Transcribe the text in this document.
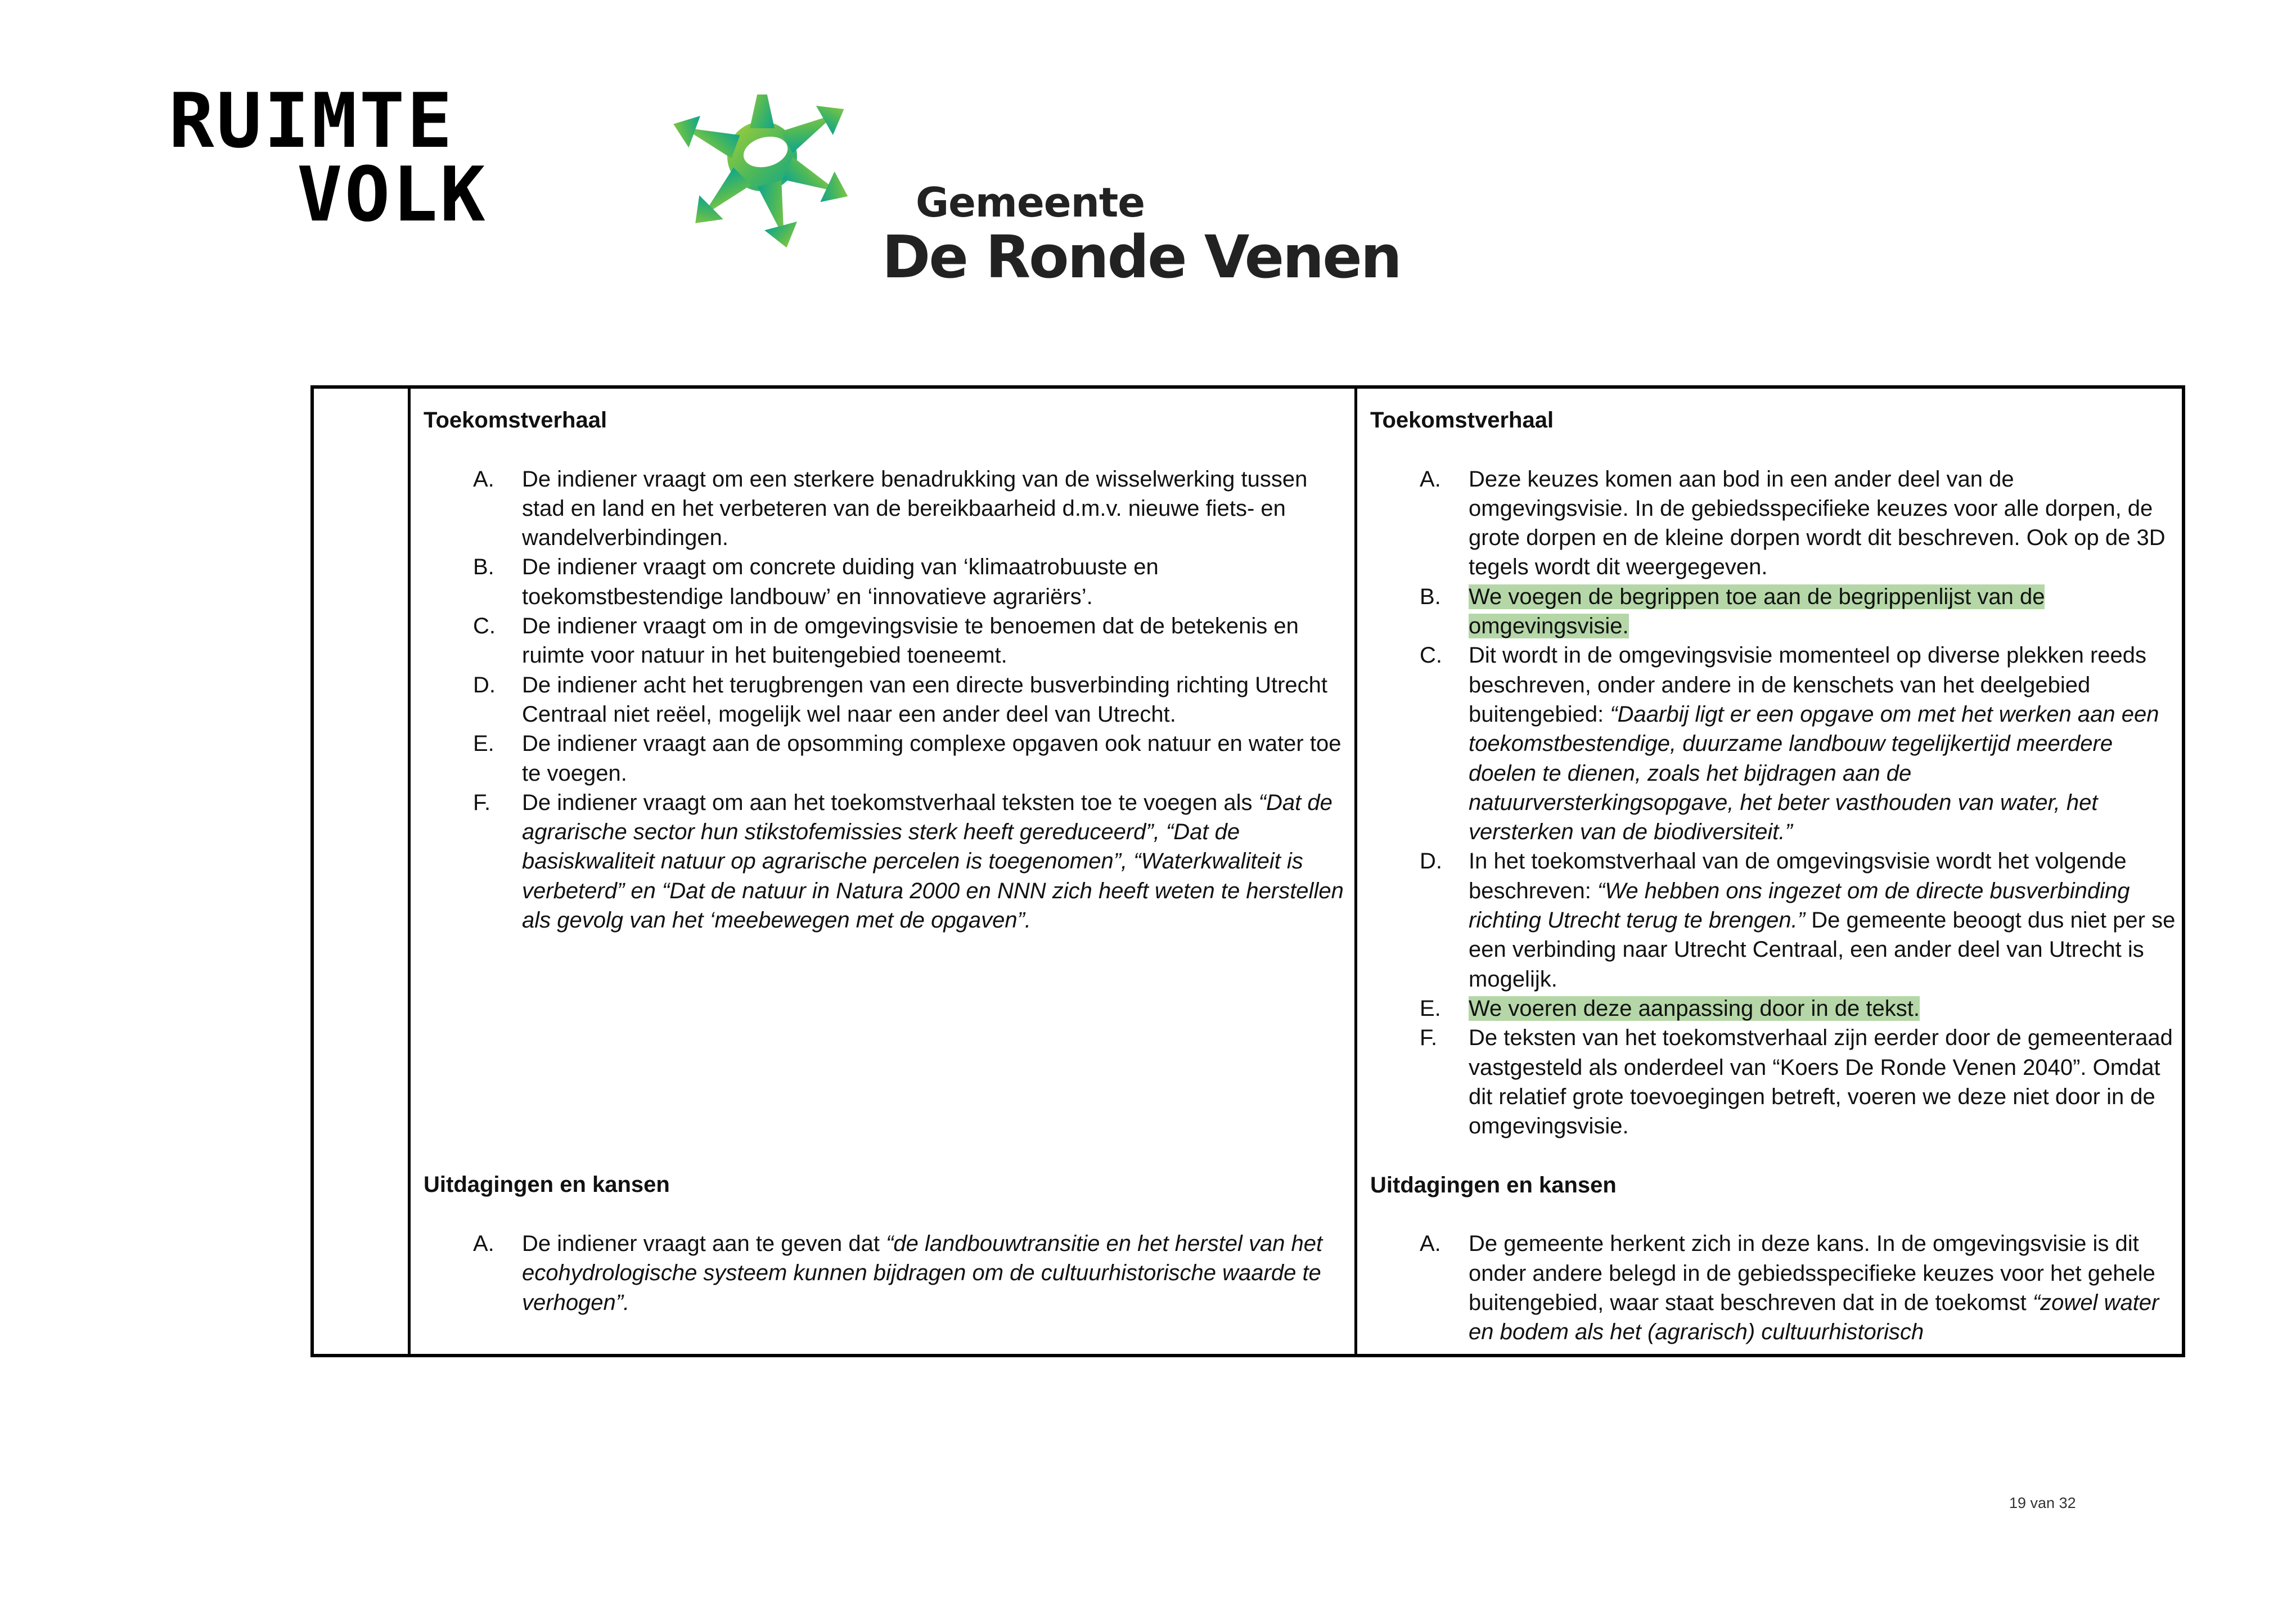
RUIMTE
VOLK	Gemeente
De Ronde Venen
Toekomstverhaal
A. De indiener vraagt om een sterkere benadrukking van de wisselwerking tussen stad en land en het verbeteren van de bereikbaarheid d.m.v. nieuwe fiets- en wandelverbindingen.
B. De indiener vraagt om concrete duiding van ‘klimaatrobuuste en toekomstbestendige landbouw’ en ‘innovatieve agrariërs’.
C. De indiener vraagt om in de omgevingsvisie te benoemen dat de betekenis en ruimte voor natuur in het buitengebied toeneemt.
D. De indiener acht het terugbrengen van een directe busverbinding richting Utrecht Centraal niet reëel, mogelijk wel naar een ander deel van Utrecht.
E. De indiener vraagt aan de opsomming complexe opgaven ook natuur en water toe te voegen.
F. De indiener vraagt om aan het toekomstverhaal teksten toe te voegen als “Dat de agrarische sector hun stikstofemissies sterk heeft gereduceerd”, “Dat de basiskwaliteit natuur op agrarische percelen is toegenomen”, “Waterkwaliteit is verbeterd” en “Dat de natuur in Natura 2000 en NNN zich heeft weten te herstellen als gevolg van het ‘meebewegen met de opgaven”.
Uitdagingen en kansen
A. De indiener vraagt aan te geven dat “de landbouwtransitie en het herstel van het ecohydrologische systeem kunnen bijdragen om de cultuurhistorische waarde te verhogen”.
Toekomstverhaal
A. Deze keuzes komen aan bod in een ander deel van de omgevingsvisie. In de gebiedsspecifieke keuzes voor alle dorpen, de grote dorpen en de kleine dorpen wordt dit beschreven. Ook op de 3D tegels wordt dit weergegeven.
B. We voegen de begrippen toe aan de begrippenlijst van de omgevingsvisie.
C. Dit wordt in de omgevingsvisie momenteel op diverse plekken reeds beschreven, onder andere in de kenschets van het deelgebied buitengebied: “Daarbij ligt er een opgave om met het werken aan een toekomstbestendige, duurzame landbouw tegelijkertijd meerdere doelen te dienen, zoals het bijdragen aan de natuurversterkingsopgave, het beter vasthouden van water, het versterken van de biodiversiteit.”
D. In het toekomstverhaal van de omgevingsvisie wordt het volgende beschreven: “We hebben ons ingezet om de directe busverbinding richting Utrecht terug te brengen.” De gemeente beoogt dus niet per se een verbinding naar Utrecht Centraal, een ander deel van Utrecht is mogelijk.
E. We voeren deze aanpassing door in de tekst.
F. De teksten van het toekomstverhaal zijn eerder door de gemeenteraad vastgesteld als onderdeel van “Koers De Ronde Venen 2040”. Omdat dit relatief grote toevoegingen betreft, voeren we deze niet door in de omgevingsvisie.
Uitdagingen en kansen
A. De gemeente herkent zich in deze kans. In de omgevingsvisie is dit onder andere belegd in de gebiedsspecifieke keuzes voor het gehele buitengebied, waar staat beschreven dat in de toekomst “zowel water en bodem als het (agrarisch) cultuurhistorisch
19 van 32
